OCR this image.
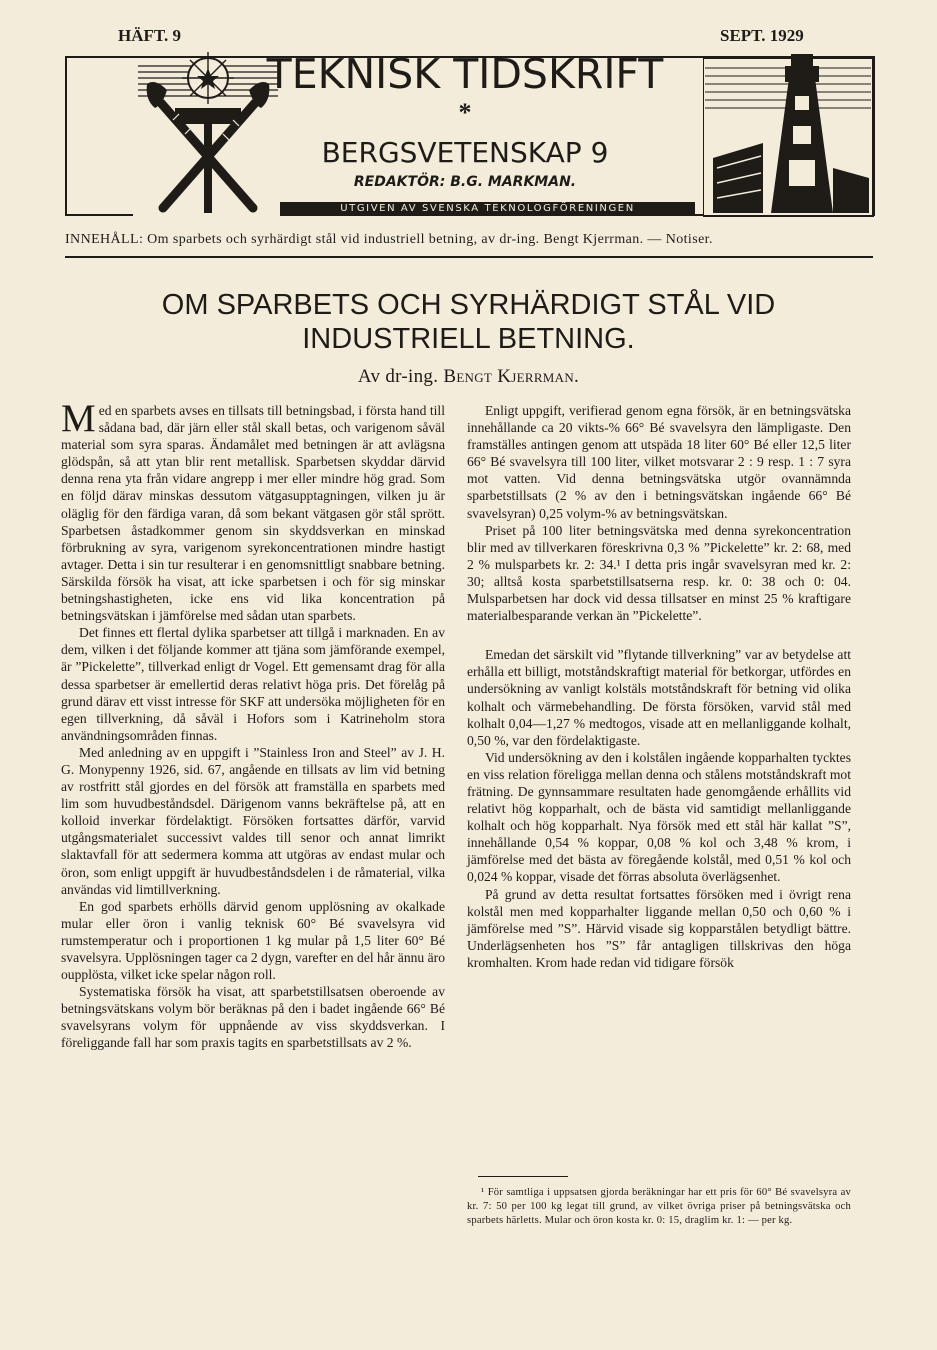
HÄFT. 9	SEPT. 1929
TEKNISK TIDSKRIFT
*
BERGSVETENSKAP 9
REDAKTÖR: B.G. MARKMAN.
UTGIVEN AV SVENSKA TEKNOLOGFÖRENINGEN
INNEHÅLL: Om sparbets och syrhärdigt stål vid industriell betning, av dr-ing. Bengt Kjerrman. — Notiser.
OM SPARBETS OCH SYRHÄRDIGT STÅL VID
INDUSTRIELL BETNING.
Av dr-ing. Bengt Kjerrman.

Med en sparbets avses en tillsats till betningsbad, i första hand till sådana bad, där järn eller stål skall betas, och varigenom såväl material som syra sparas. Ändamålet med betningen är att avlägsna glödspån, så att ytan blir rent metallisk. Sparbetsen skyddar därvid denna rena yta från vidare angrepp i mer eller mindre hög grad. Som en följd därav minskas dessutom vätgasupptagningen, vilken ju är oläglig för den färdiga varan, då som bekant vätgasen gör stål sprött. Sparbetsen åstadkommer genom sin skyddsverkan en minskad förbrukning av syra, varigenom syrekoncentrationen mindre hastigt avtager. Detta i sin tur resulterar i en genomsnittligt snabbare betning. Särskilda försök ha visat, att icke sparbetsen i och för sig minskar betningshastigheten, icke ens vid lika koncentration på betningsvätskan i jämförelse med sådan utan sparbets.

Det finnes ett flertal dylika sparbetser att tillgå i marknaden. En av dem, vilken i det följande kommer att tjäna som jämförande exempel, är ”Pickelette”, tillverkad enligt dr Vogel. Ett gemensamt drag för alla dessa sparbetser är emellertid deras relativt höga pris. Det förelåg på grund därav ett visst intresse för SKF att undersöka möjligheten för en egen tillverkning, då såväl i Hofors som i Katrineholm stora användningsområden finnas.

Med anledning av en uppgift i ”Stainless Iron and Steel” av J. H. G. Monypenny 1926, sid. 67, angående en tillsats av lim vid betning av rostfritt stål gjordes en del försök att framställa en sparbets med lim som huvudbeståndsdel. Därigenom vanns bekräftelse på, att en kolloid inverkar fördelaktigt. Försöken fortsattes därför, varvid utgångsmaterialet successivt valdes till senor och annat limrikt slaktavfall för att sedermera komma att utgöras av endast mular och öron, som enligt uppgift är huvudbeståndsdelen i de råmaterial, vilka användas vid limtillverkning.

En god sparbets erhölls därvid genom upplösning av okalkade mular eller öron i vanlig teknisk 60° Bé svavelsyra vid rumstemperatur och i proportionen 1 kg mular på 1,5 liter 60° Bé svavelsyra. Upplösningen tager ca 2 dygn, varefter en del hår ännu äro oupplösta, vilket icke spelar någon roll.

Systematiska försök ha visat, att sparbetstillsatsen oberoende av betningsvätskans volym bör beräknas på den i badet ingående 66° Bé svavelsyrans volym för uppnående av viss skyddsverkan. I föreliggande fall har som praxis tagits en sparbetstillsats av 2 %.

Enligt uppgift, verifierad genom egna försök, är en betningsvätska innehållande ca 20 vikts-% 66° Bé svavelsyra den lämpligaste. Den framställes antingen genom att utspäda 18 liter 60° Bé eller 12,5 liter 66° Bé svavelsyra till 100 liter, vilket motsvarar 2 : 9 resp. 1 : 7 syra mot vatten. Vid denna betningsvätska utgör ovannämnda sparbetstillsats (2 % av den i betningsvätskan ingående 66° Bé svavelsyran) 0,25 volym-% av betningsvätskan.

Priset på 100 liter betningsvätska med denna syrekoncentration blir med av tillverkaren föreskrivna 0,3 % ”Pickelette” kr. 2: 68, med 2 % mulsparbets kr. 2: 34.¹ I detta pris ingår svavelsyran med kr. 2: 30; alltså kosta sparbetstillsatserna resp. kr. 0: 38 och 0: 04. Mulsparbetsen har dock vid dessa tillsatser en minst 25 % kraftigare materialbesparande verkan än ”Pickelette”.

Emedan det särskilt vid ”flytande tillverkning” var av betydelse att erhålla ett billigt, motståndskraftigt material för betkorgar, utfördes en undersökning av vanligt kolstäls motståndskraft för betning vid olika kolhalt och värmebehandling. De första försöken, varvid stål med kolhalt 0,04—1,27 % medtogos, visade att en mellanliggande kolhalt, 0,50 %, var den fördelaktigaste.

Vid undersökning av den i kolstålen ingående kopparhalten tycktes en viss relation föreligga mellan denna och stålens motståndskraft mot frätning. De gynnsammare resultaten hade genomgående erhållits vid relativt hög kopparhalt, och de bästa vid samtidigt mellanliggande kolhalt och hög kopparhalt. Nya försök med ett stål här kallat ”S”, innehållande 0,54 % koppar, 0,08 % kol och 3,48 % krom, i jämförelse med det bästa av föregående kolstål, med 0,51 % kol och 0,024 % koppar, visade det förras absoluta överlägsenhet.

På grund av detta resultat fortsattes försöken med i övrigt rena kolstål men med kopparhalter liggande mellan 0,50 och 0,60 % i jämförelse med ”S”. Härvid visade sig kopparstålen betydligt bättre. Underlägsenheten hos ”S” får antagligen tillskrivas den höga kromhalten. Krom hade redan vid tidigare försök

¹ För samtliga i uppsatsen gjorda beräkningar har ett pris för 60° Bé svavelsyra av kr. 7: 50 per 100 kg legat till grund, av vilket övriga priser på betningsvätska och sparbets härletts. Mular och öron kosta kr. 0: 15, draglim kr. 1: — per kg.
